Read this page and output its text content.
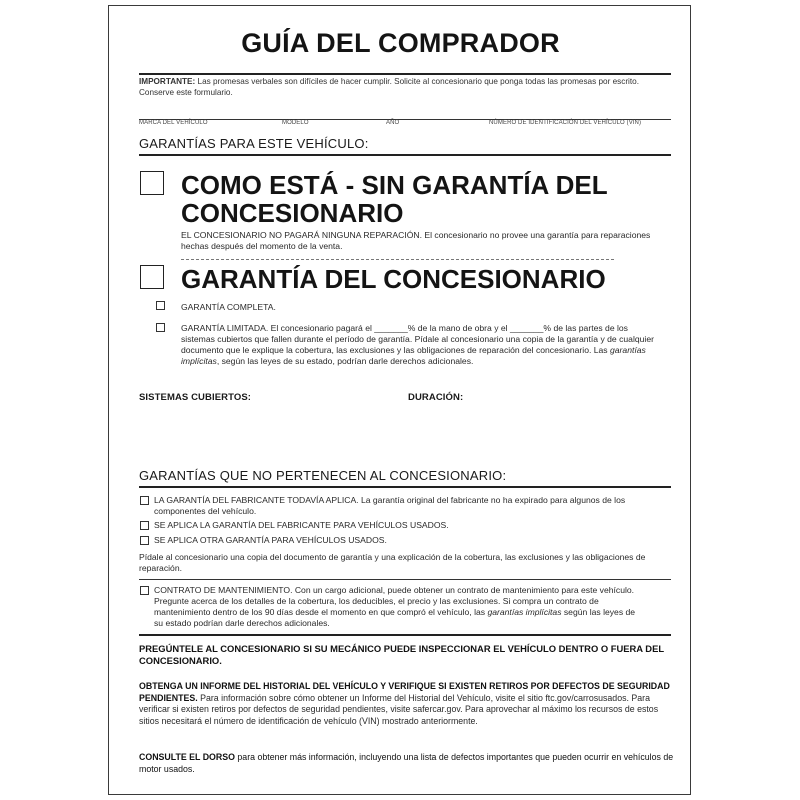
GUÍA DEL COMPRADOR
IMPORTANTE: Las promesas verbales son difíciles de hacer cumplir. Solicite al concesionario que ponga todas las promesas por escrito. Conserve este formulario.
MARCA DEL VEHÍCULO	MODELO	AÑO	NÚMERO DE IDENTIFICACIÓN DEL VEHÍCULO (VIN)
GARANTÍAS PARA ESTE VEHÍCULO:
COMO ESTÁ - SIN GARANTÍA DEL
CONCESIONARIO
EL CONCESIONARIO NO PAGARÁ NINGUNA REPARACIÓN. El concesionario no provee una garantía para reparaciones hechas después del momento de la venta.
GARANTÍA DEL CONCESIONARIO
GARANTÍA COMPLETA.
GARANTÍA LIMITADA. El concesionario pagará el _______% de la mano de obra y el _______% de las partes de los sistemas cubiertos que fallen durante el período de garantía. Pídale al concesionario una copia de la garantía y de cualquier documento que le explique la cobertura, las exclusiones y las obligaciones de reparación del concesionario. Las garantías implícitas, según las leyes de su estado, podrían darle derechos adicionales.
SISTEMAS CUBIERTOS:	DURACIÓN:
GARANTÍAS QUE NO PERTENECEN AL CONCESIONARIO:
LA GARANTÍA DEL FABRICANTE TODAVÍA APLICA. La garantía original del fabricante no ha expirado para algunos de los componentes del vehículo.
SE APLICA LA GARANTÍA DEL FABRICANTE PARA VEHÍCULOS USADOS.
SE APLICA OTRA GARANTÍA PARA VEHÍCULOS USADOS.
Pídale al concesionario una copia del documento de garantía y una explicación de la cobertura, las exclusiones y las obligaciones de reparación.
CONTRATO DE MANTENIMIENTO. Con un cargo adicional, puede obtener un contrato de mantenimiento para este vehículo. Pregunte acerca de los detalles de la cobertura, los deducibles, el precio y las exclusiones. Si compra un contrato de mantenimiento dentro de los 90 días desde el momento en que compró el vehículo, las garantías implícitas según las leyes de su estado podrían darle derechos adicionales.
PREGÚNTELE AL CONCESIONARIO SI SU MECÁNICO PUEDE INSPECCIONAR EL VEHÍCULO DENTRO O FUERA DEL CONCESIONARIO.
OBTENGA UN INFORME DEL HISTORIAL DEL VEHÍCULO Y VERIFIQUE SI EXISTEN RETIROS POR DEFECTOS DE SEGURIDAD PENDIENTES. Para información sobre cómo obtener un Informe del Historial del Vehículo, visite el sitio ftc.gov/carrosusados. Para verificar si existen retiros por defectos de seguridad pendientes, visite safercar.gov. Para aprovechar al máximo los recursos de estos sitios necesitará el número de identificación de vehículo (VIN) mostrado anteriormente.
CONSULTE EL DORSO para obtener más información, incluyendo una lista de defectos importantes que pueden ocurrir en vehículos de motor usados.
